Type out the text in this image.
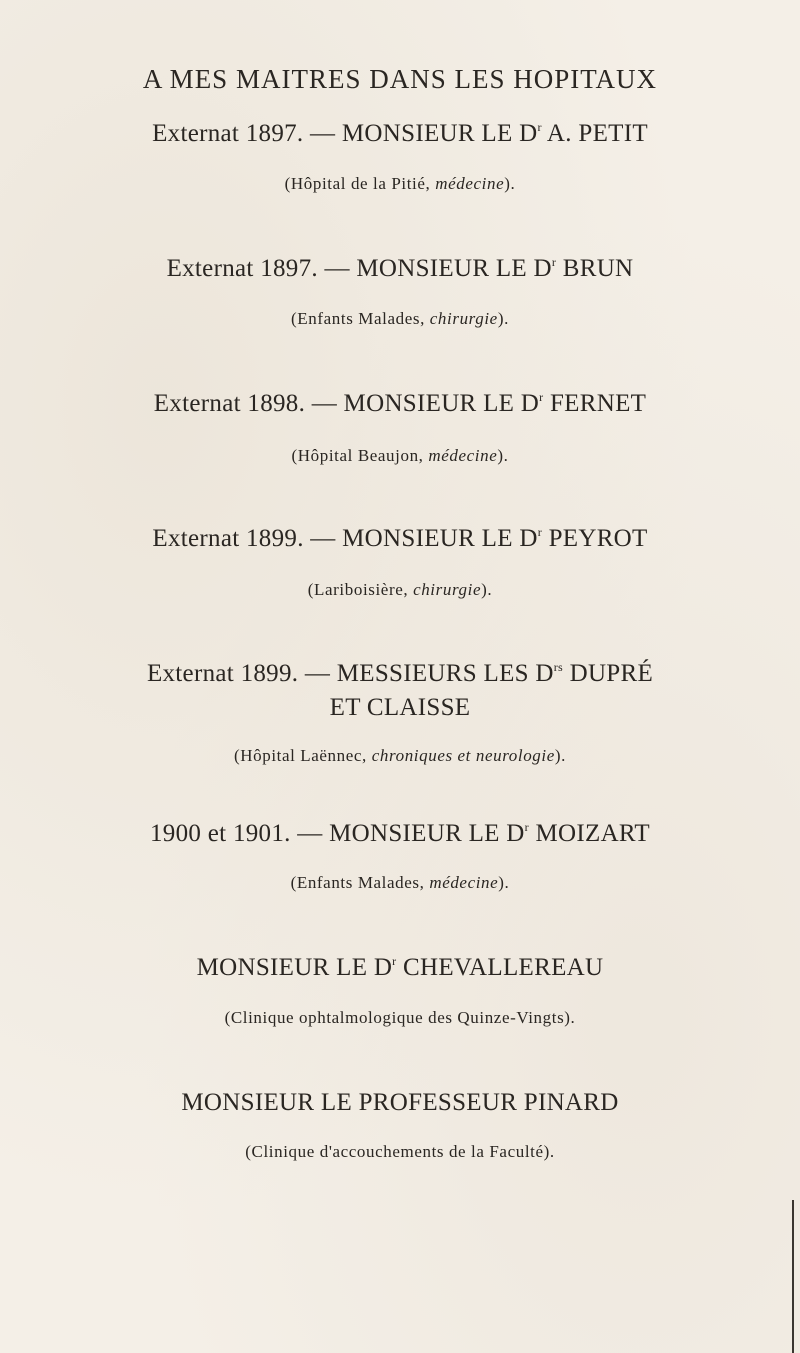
A MES MAITRES DANS LES HOPITAUX
Externat 1897. — MONSIEUR LE $D^r$ A. PETIT
(Hôpital de la Pitié, médecine).
Externat 1897. — MONSIEUR LE $D^r$ BRUN
(Enfants Malades, chirurgie).
Externat 1898. — MONSIEUR LE $D^r$ FERNET
(Hôpital Beaujon, médecine).
Externat 1899. — MONSIEUR LE $D^r$ PEYROT
(Lariboisière, chirurgie).
Externat 1899. — MESSIEURS LES $D^{rs}$ DUPRÉ
ET CLAISSE
(Hôpital Laënnec, chroniques et neurologie).
1900 et 1901. — MONSIEUR LE $D^r$ MOIZART
(Enfants Malades, médecine).
MONSIEUR LE $D^r$ CHEVALLEREAU
(Clinique ophtalmologique des Quinze-Vingts).
MONSIEUR LE PROFESSEUR PINARD
(Clinique d'accouchements de la Faculté).
